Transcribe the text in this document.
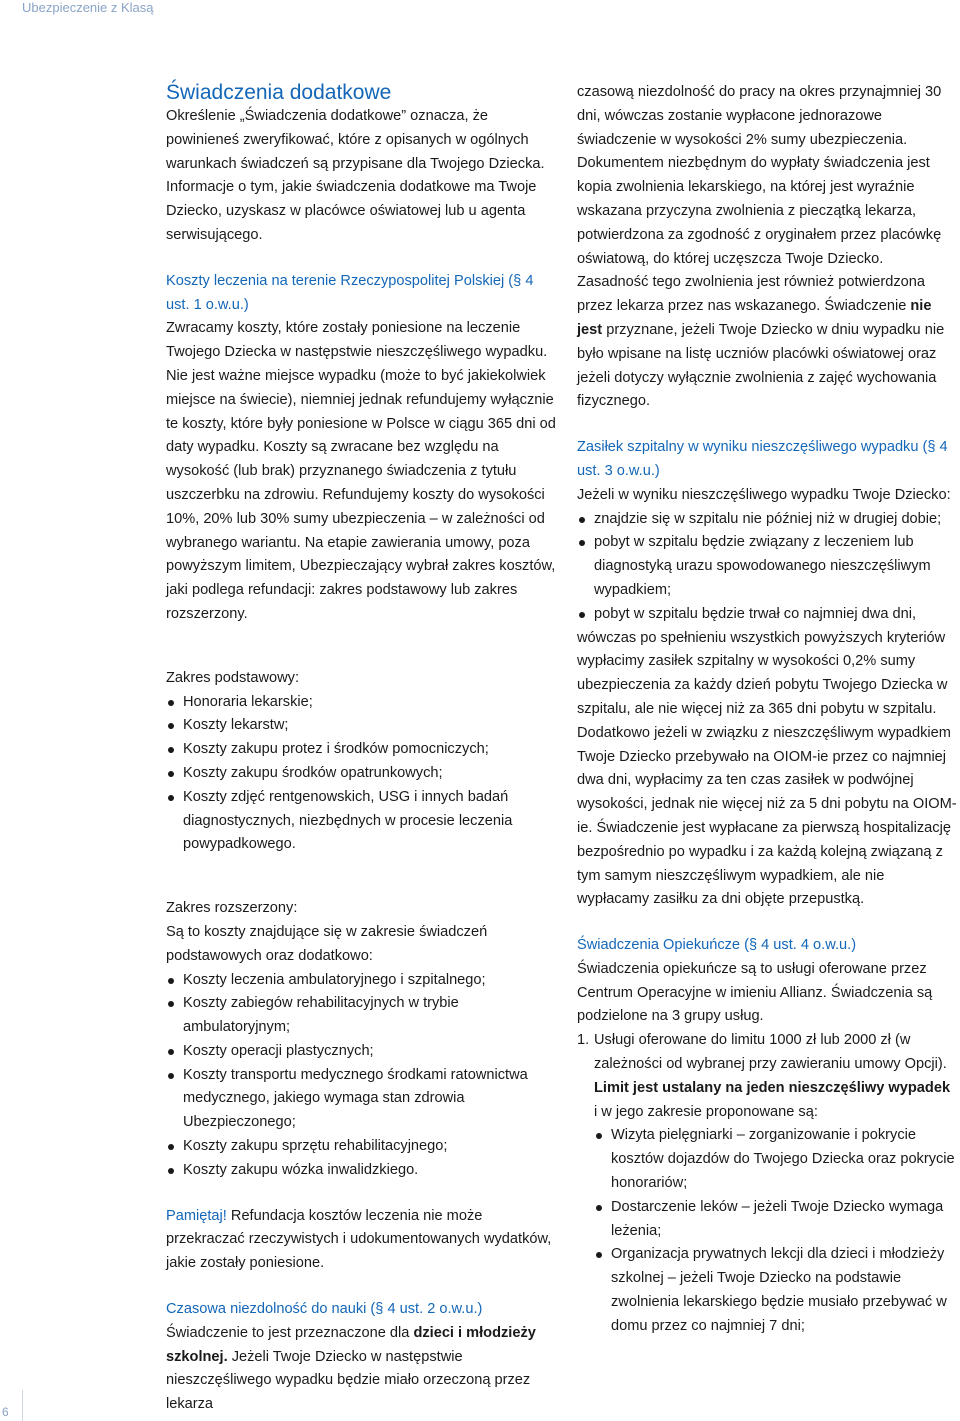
Ubezpieczenie z Klasą
Świadczenia dodatkowe

Określenie „Świadczenia dodatkowe” oznacza, że powinieneś zweryfikować, które z opisanych w ogólnych warunkach świadczeń są przypisane dla Twojego Dziecka. Informacje o tym, jakie świadczenia dodatkowe ma Twoje Dziecko, uzyskasz w placówce oświatowej lub u agenta serwisującego.

Koszty leczenia na terenie Rzeczypospolitej Polskiej (§ 4 ust. 1 o.w.u.)

Zwracamy koszty, które zostały poniesione na leczenie Twojego Dziecka w następstwie nieszczęśliwego wypadku. Nie jest ważne miejsce wypadku (może to być jakiekolwiek miejsce na świecie), niemniej jednak refundujemy wyłącznie te koszty, które były poniesione w Polsce w ciągu 365 dni od daty wypadku. Koszty są zwracane bez względu na wysokość (lub brak) przyznanego świadczenia z tytułu uszczerbku na zdrowiu. Refundujemy koszty do wysokości 10%, 20% lub 30% sumy ubezpieczenia – w zależności od wybranego wariantu. Na etapie zawierania umowy, poza powyższym limitem, Ubezpieczający wybrał zakres kosztów, jaki podlega refundacji: zakres podstawowy lub zakres rozszerzony.

Zakres podstawowy:

Honoraria lekarskie;
Koszty lekarstw;
Koszty zakupu protez i środków pomocniczych;
Koszty zakupu środków opatrunkowych;
Koszty zdjęć rentgenowskich, USG i innych badań diagnostycznych, niezbędnych w procesie leczenia powypadkowego.

Zakres rozszerzony:

Są to koszty znajdujące się w zakresie świadczeń podstawowych oraz dodatkowo:

Koszty leczenia ambulatoryjnego i szpitalnego;
Koszty zabiegów rehabilitacyjnych w trybie ambulatoryjnym;
Koszty operacji plastycznych;
Koszty transportu medycznego środkami ratownictwa medycznego, jakiego wymaga stan zdrowia Ubezpieczonego;
Koszty zakupu sprzętu rehabilitacyjnego;
Koszty zakupu wózka inwalidzkiego.

Pamiętaj! Refundacja kosztów leczenia nie może przekraczać rzeczywistych i udokumentowanych wydatków, jakie zostały poniesione.

Czasowa niezdolność do nauki (§ 4 ust. 2 o.w.u.)

Świadczenie to jest przeznaczone dla dzieci i młodzieży szkolnej. Jeżeli Twoje Dziecko w następstwie nieszczęśliwego wypadku będzie miało orzeczoną przez lekarza

czasową niezdolność do pracy na okres przynajmniej 30 dni, wówczas zostanie wypłacone jednorazowe świadczenie w wysokości 2% sumy ubezpieczenia. Dokumentem niezbędnym do wypłaty świadczenia jest kopia zwolnienia lekarskiego, na której jest wyraźnie wskazana przyczyna zwolnienia z pieczątką lekarza, potwierdzona za zgodność z oryginałem przez placówkę oświatową, do której uczęszcza Twoje Dziecko. Zasadność tego zwolnienia jest również potwierdzona przez lekarza przez nas wskazanego. Świadczenie nie jest przyznane, jeżeli Twoje Dziecko w dniu wypadku nie było wpisane na listę uczniów placówki oświatowej oraz jeżeli dotyczy wyłącznie zwolnienia z zajęć wychowania fizycznego.

Zasiłek szpitalny w wyniku nieszczęśliwego wypadku (§ 4 ust. 3 o.w.u.)

Jeżeli w wyniku nieszczęśliwego wypadku Twoje Dziecko:

znajdzie się w szpitalu nie później niż w drugiej dobie;
pobyt w szpitalu będzie związany z leczeniem lub diagnostyką urazu spowodowanego nieszczęśliwym wypadkiem;
pobyt w szpitalu będzie trwał co najmniej dwa dni,

wówczas po spełnieniu wszystkich powyższych kryteriów wypłacimy zasiłek szpitalny w wysokości 0,2% sumy ubezpieczenia za każdy dzień pobytu Twojego Dziecka w szpitalu, ale nie więcej niż za 365 dni pobytu w szpitalu. Dodatkowo jeżeli w związku z nieszczęśliwym wypadkiem Twoje Dziecko przebywało na OIOM-ie przez co najmniej dwa dni, wypłacimy za ten czas zasiłek w podwójnej wysokości, jednak nie więcej niż za 5 dni pobytu na OIOM-ie. Świadczenie jest wypłacane za pierwszą hospitalizację bezpośrednio po wypadku i za każdą kolejną związaną z tym samym nieszczęśliwym wypadkiem, ale nie wypłacamy zasiłku za dni objęte przepustką.

Świadczenia Opiekuńcze (§ 4 ust. 4 o.w.u.)

Świadczenia opiekuńcze są to usługi oferowane przez Centrum Operacyjne w imieniu Allianz. Świadczenia są podzielone na 3 grupy usług.

1. Usługi oferowane do limitu 1000 zł lub 2000 zł (w zależności od wybranej przy zawieraniu umowy Opcji). Limit jest ustalany na jeden nieszczęśliwy wypadek i w jego zakresie proponowane są:

Wizyta pielęgniarki – zorganizowanie i pokrycie kosztów dojazdów do Twojego Dziecka oraz pokrycie honorariów;
Dostarczenie leków – jeżeli Twoje Dziecko wymaga leżenia;
Organizacja prywatnych lekcji dla dzieci i młodzieży szkolnej – jeżeli Twoje Dziecko na podstawie zwolnienia lekarskiego będzie musiało przebywać w domu przez co najmniej 7 dni;
6
